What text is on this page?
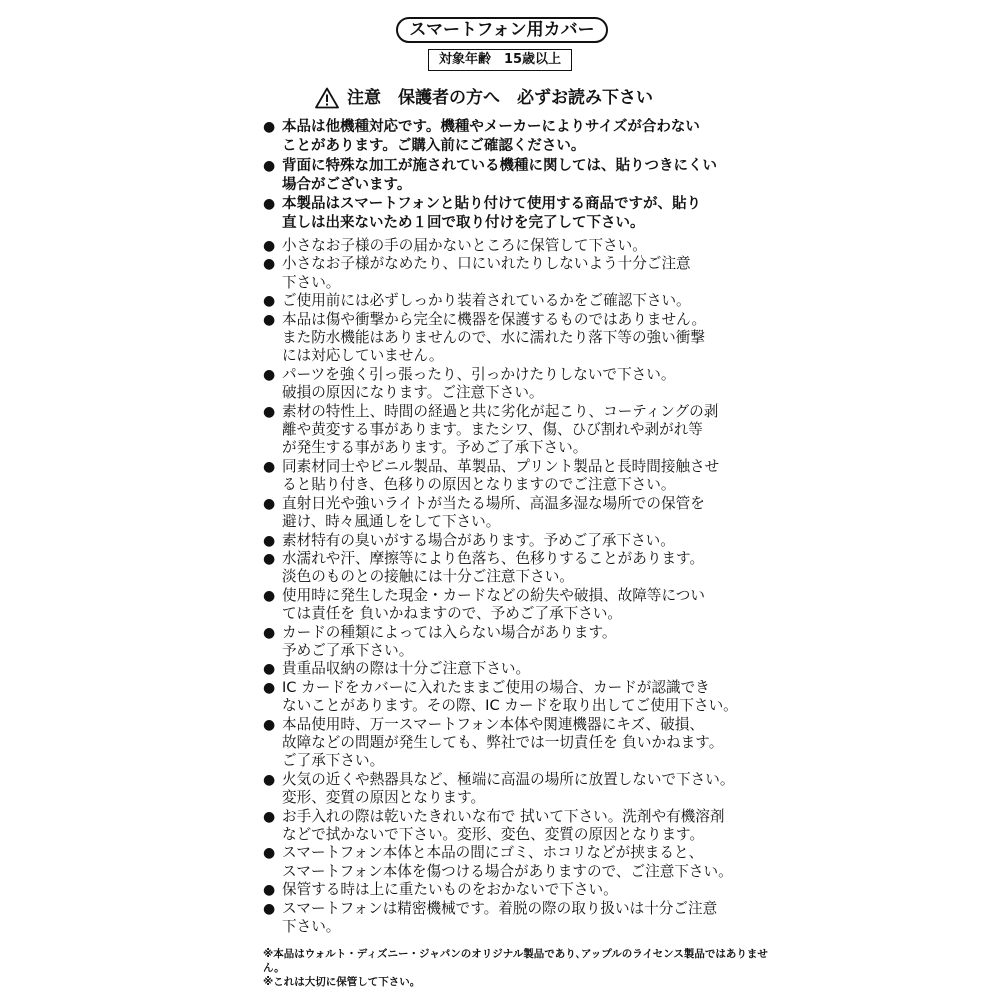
スマートフォン用カバー
対象年齢　15歳以上
注意　保護者の方へ　必ずお読み下さい
● 本品は他機種対応です。機種やメーカーによりサイズが合わない
ことがあります。ご購入前にご確認ください。
● 背面に特殊な加工が施されている機種に関しては、貼りつきにくい
場合がございます。
● 本製品はスマートフォンと貼り付けて使用する商品ですが、貼り
直しは出来ないため１回で取り付けを完了して下さい。
● 小さなお子様の手の届かないところに保管して下さい。
● 小さなお子様がなめたり、口にいれたりしないよう十分ご注意
下さい。
● ご使用前には必ずしっかり装着されているかをご確認下さい。
● 本品は傷や衝撃から完全に機器を保護するものではありません。
また防水機能はありませんので、水に濡れたり落下等の強い衝撃
には対応していません。
● パーツを強く引っ張ったり、引っかけたりしないで下さい。
破損の原因になります。ご注意下さい。
● 素材の特性上、時間の経過と共に劣化が起こり、コーティングの剥
離や黄変する事があります。またシワ、傷、ひび割れや剥がれ等
が発生する事があります。予めご了承下さい。
● 同素材同士やビニル製品、革製品、プリント製品と長時間接触させ
ると貼り付き、色移りの原因となりますのでご注意下さい。
● 直射日光や強いライトが当たる場所、高温多湿な場所での保管を
避け、時々風通しをして下さい。
● 素材特有の臭いがする場合があります。予めご了承下さい。
● 水濡れや汗、摩擦等により色落ち、色移りすることがあります。
淡色のものとの接触には十分ご注意下さい。
● 使用時に発生した現金・カードなどの紛失や破損、故障等につい
ては責任を 負いかねますので、予めご了承下さい。
● カードの種類によっては入らない場合があります。
予めご了承下さい。
● 貴重品収納の際は十分ご注意下さい。
● IC カードをカバーに入れたままご使用の場合、カードが認識でき
ないことがあります。その際、IC カードを取り出してご使用下さい。
● 本品使用時、万一スマートフォン本体や関連機器にキズ、破損、
故障などの問題が発生しても、弊社では一切責任を 負いかねます。
ご了承下さい。
● 火気の近くや熱器具など、極端に高温の場所に放置しないで下さい。
変形、変質の原因となります。
● お手入れの際は乾いたきれいな布で 拭いて下さい。洗剤や有機溶剤
などで拭かないで下さい。変形、変色、変質の原因となります。
● スマートフォン本体と本品の間にゴミ、ホコリなどが挟まると、
スマートフォン本体を傷つける場合がありますので、ご注意下さい。
● 保管する時は上に重たいものをおかないで下さい。
● スマートフォンは精密機械です。着脱の際の取り扱いは十分ご注意
下さい。
※本品はウォルト・ディズニー・ジャパンのオリジナル製品であり､アップルのライセンス製品ではありません。
※これは大切に保管して下さい。
